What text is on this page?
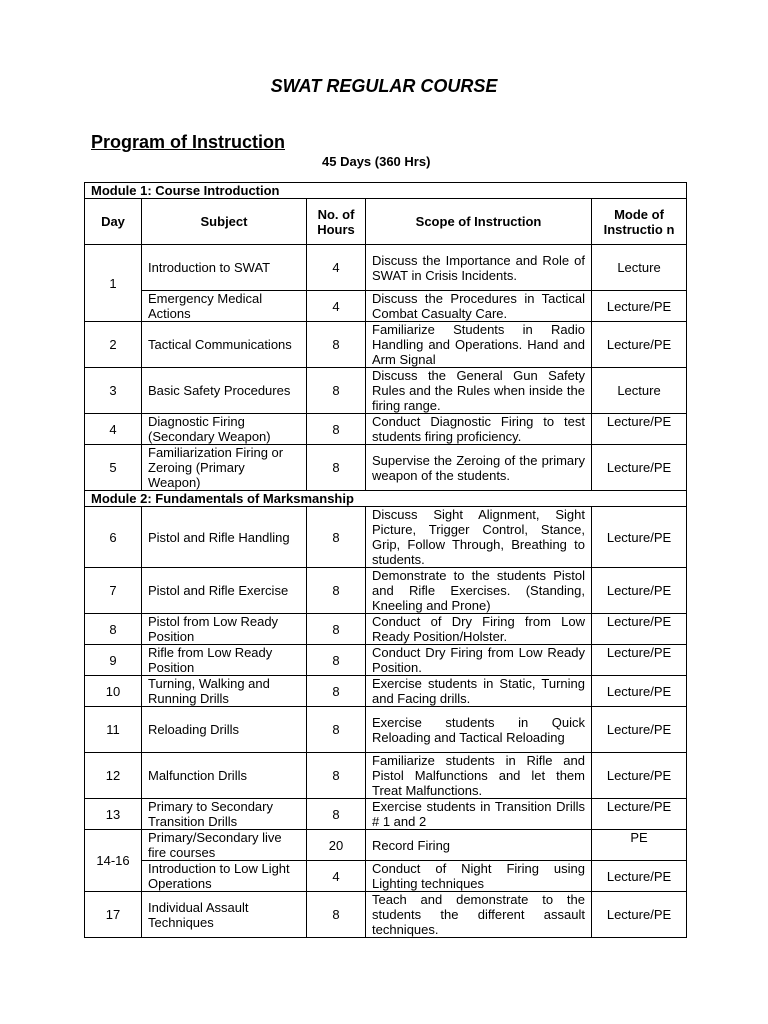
SWAT REGULAR COURSE
Program of Instruction
45 Days (360 Hrs)
Module 1: Course Introduction				
Day	Subject	No. of Hours	Scope of Instruction	Mode of Instructio n
1	Introduction to SWAT	4	Discuss the Importance and Role of SWAT in Crisis Incidents.	Lecture
	Emergency Medical Actions	4	Discuss the Procedures in Tactical Combat Casualty Care.	Lecture/PE
2	Tactical Communications	8	Familiarize Students in Radio Handling and Operations. Hand and Arm Signal	Lecture/PE
3	Basic Safety Procedures	8	Discuss the General Gun Safety Rules and the Rules when inside the firing range.	Lecture
4	Diagnostic Firing (Secondary Weapon)	8	Conduct Diagnostic Firing to test students firing proficiency.	Lecture/PE
5	Familiarization Firing or Zeroing (Primary Weapon)	8	Supervise the Zeroing of the primary weapon of the students.	Lecture/PE
Module 2: Fundamentals of Marksmanship				
6	Pistol and Rifle Handling	8	Discuss Sight Alignment, Sight Picture, Trigger Control, Stance, Grip, Follow Through, Breathing to students.	Lecture/PE
7	Pistol and Rifle Exercise	8	Demonstrate to the students Pistol and Rifle Exercises. (Standing, Kneeling and Prone)	Lecture/PE
8	Pistol from Low Ready Position	8	Conduct of Dry Firing from Low Ready Position/Holster.	Lecture/PE
9	Rifle from Low Ready Position	8	Conduct Dry Firing from Low Ready Position.	Lecture/PE
10	Turning, Walking and Running Drills	8	Exercise students in Static, Turning and Facing drills.	Lecture/PE
11	Reloading Drills	8	Exercise students in Quick Reloading and Tactical Reloading	Lecture/PE
12	Malfunction Drills	8	Familiarize students in Rifle and Pistol Malfunctions and let them Treat Malfunctions.	Lecture/PE
13	Primary to Secondary Transition Drills	8	Exercise students in Transition Drills # 1 and 2	Lecture/PE
14-16	Primary/Secondary live fire courses	20	Record Firing	PE
	Introduction to Low Light Operations	4	Conduct of Night Firing using Lighting techniques	Lecture/PE
17	Individual Assault Techniques	8	Teach and demonstrate to the students the different assault techniques.	Lecture/PE
